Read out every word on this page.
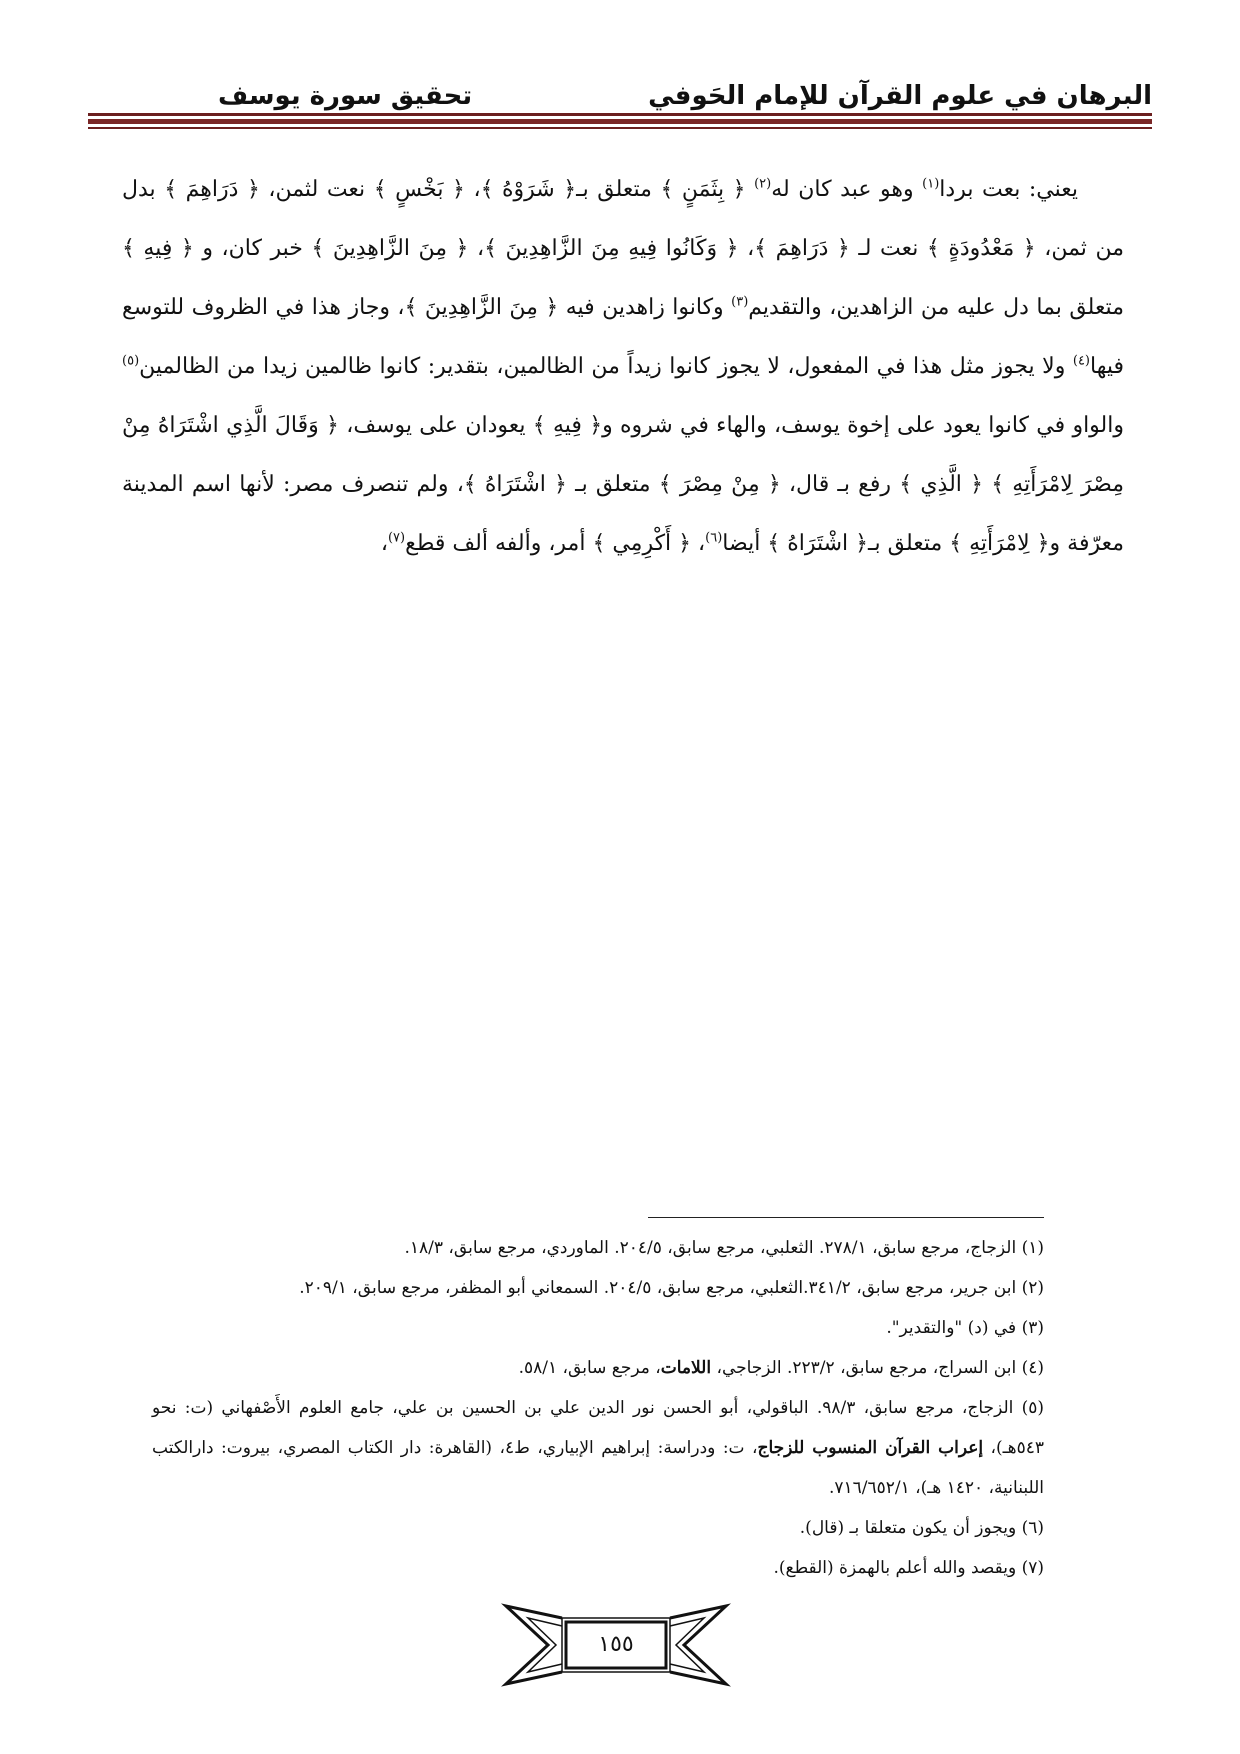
البرهان في علوم القرآن للإمام الحَوفي
تحقيق سورة يوسف

يعني: بعت بردا$^{(١)}$ وهو عبد كان له$^{(٢)}$ ﴿ بِثَمَنٍ ﴾ متعلق بـ﴿ شَرَوْهُ ﴾، ﴿ بَخْسٍ ﴾ نعت لثمن، ﴿ دَرَاهِمَ ﴾ بدل من ثمن، ﴿ مَعْدُودَةٍ ﴾ نعت لـ ﴿ دَرَاهِمَ ﴾، ﴿ وَكَانُوا فِيهِ مِنَ الزَّاهِدِينَ ﴾، ﴿ مِنَ الزَّاهِدِينَ ﴾ خبر كان، و ﴿ فِيهِ ﴾ متعلق بما دل عليه من الزاهدين، والتقديم$^{(٣)}$ وكانوا زاهدين فيه ﴿ مِنَ الزَّاهِدِينَ ﴾، وجاز هذا في الظروف للتوسع فيها$^{(٤)}$ ولا يجوز مثل هذا في المفعول، لا يجوز كانوا زيداً من الظالمين، بتقدير: كانوا ظالمين زيدا من الظالمين$^{(٥)}$ والواو في كانوا يعود على إخوة يوسف، والهاء في شروه و﴿ فِيهِ ﴾ يعودان على يوسف، ﴿ وَقَالَ الَّذِي اشْتَرَاهُ مِنْ مِصْرَ لِامْرَأَتِهِ ﴾ ﴿ الَّذِي ﴾ رفع بـ قال، ﴿ مِنْ مِصْرَ ﴾ متعلق بـ ﴿ اشْتَرَاهُ ﴾، ولم تنصرف مصر: لأنها اسم المدينة معرّفة و﴿ لِامْرَأَتِهِ ﴾ متعلق بـ﴿ اشْتَرَاهُ ﴾ أيضا$^{(٦)}$، ﴿ أَكْرِمِي ﴾ أمر، وألفه ألف قطع$^{(٧)}$،

(١) الزجاج، مرجع سابق، ٢٧٨/١. الثعلبي، مرجع سابق، ٢٠٤/٥. الماوردي، مرجع سابق، ١٨/٣.

(٢) ابن جرير، مرجع سابق، ٣٤١/٢.الثعلبي، مرجع سابق، ٢٠٤/٥. السمعاني أبو المظفر، مرجع سابق، ٢٠٩/١.

(٣) في (د) "والتقدير".

(٤) ابن السراج، مرجع سابق، ٢٢٣/٢. الزجاجي، اللامات، مرجع سابق، ٥٨/١.

(٥) الزجاج، مرجع سابق، ٩٨/٣. الباقولي، أبو الحسن نور الدين علي بن الحسين بن علي، جامع العلوم الأَصْفهاني (ت: نحو ٥٤٣هـ)، إعراب القرآن المنسوب للزجاج، ت: ودراسة: إبراهيم الإبياري، ط٤، (القاهرة: دار الكتاب المصري، بيروت: دارالكتب اللبنانية، ١٤٢٠ هـ)، ٧١٦/٦٥٢/١.

(٦) ويجوز أن يكون متعلقا بـ (قال).

(٧) ويقصد والله أعلم بالهمزة (القطع).

١٥٥
